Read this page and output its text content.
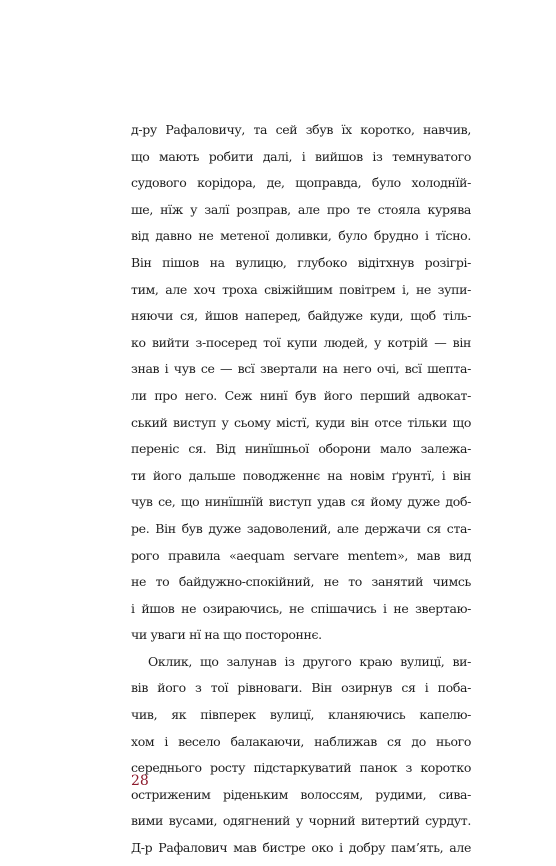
д-ру Рафаловичу, та сей збув їх коротко, навчив,
що мають робити далі, і вийшов із темнуватого
судового корідора, де, щоправда, було холоднїй-
ше, нїж у залї розправ, але про те стояла курява
від давно не метеної доливки, було брудно і тїсно.
Він пішов на вулицю, глубоко відітхнув розігрі-
тим, але хоч троха свіжійшим повітрем і, не зупи-
няючи ся, йшов наперед, байдуже куди, щоб тіль-
ко вийти з-посеред тої купи людей, у котрій — він
знав і чув се — всї звертали на него очі, всї шепта-
ли про него. Сеж нинї був його перший адвокат-
ський виступ у сьому містї, куди він отсе тільки що
переніс ся. Від нинїшньої оборони мало залежа-
ти його дальше поводженнє на новім ґрунтї, і він
чув се, що нинїшнїй виступ удав ся йому дуже доб-
ре. Він був дуже задоволений, але держачи ся ста-
рого правила «aequam servare mentem», мав вид
не то байдужно-спокійний, не то занятий чимсь
і йшов не озираючись, не спішачись і не звертаю-
чи уваги нї на що постороннє.
Оклик, що залунав із другого краю вулицї, ви-
вів його з тої рівноваги. Він озирнув ся і поба-
чив, як півперек вулицї, кланяючись капелю-
хом і весело балакаючи, наближав ся до нього
середнього росту підстаркуватий панок з коротко
остриженим ріденьким волоссям, рудими, сива-
вими вусами, одягнений у чорний витертий сурдут.
Д-р Рафалович мав бистре око і добру памʼять, але
28
